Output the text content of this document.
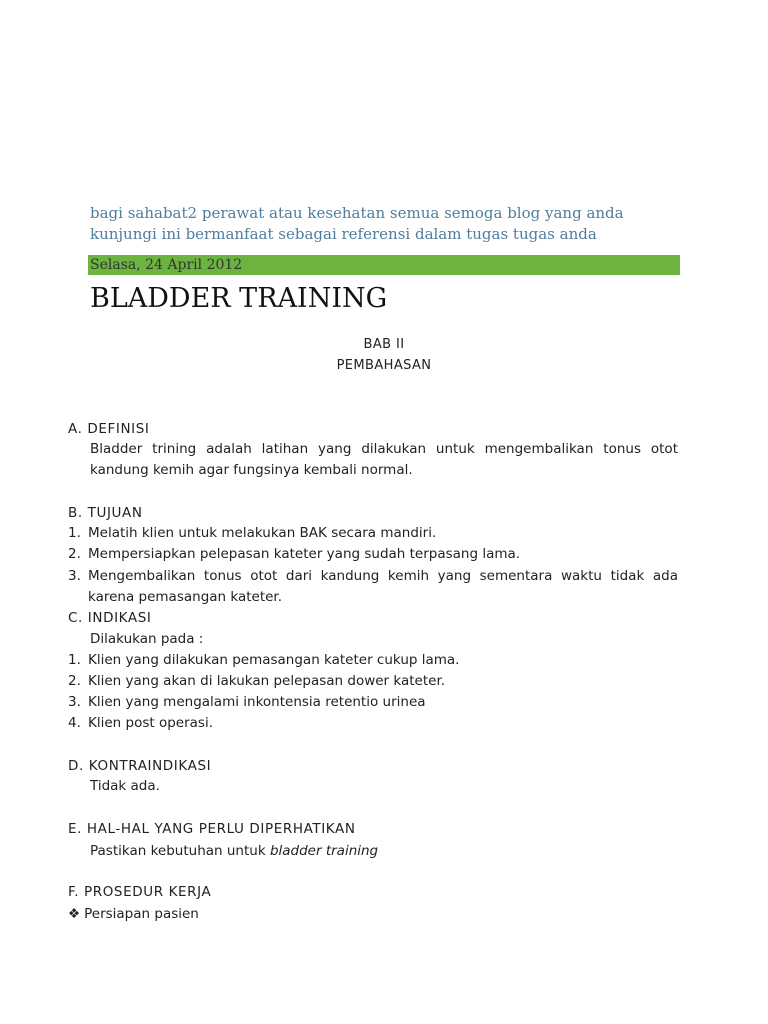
bagi sahabat2 perawat atau kesehatan semua semoga blog yang anda kunjungi ini bermanfaat sebagai referensi dalam tugas tugas anda
Selasa, 24 April 2012
BLADDER TRAINING
BAB II
PEMBAHASAN
A. DEFINISI
Bladder trining adalah latihan yang dilakukan untuk mengembalikan tonus otot kandung kemih agar fungsinya kembali normal.
B. TUJUAN
1. Melatih klien untuk melakukan BAK secara mandiri.
2. Mempersiapkan pelepasan kateter yang sudah terpasang lama.
3. Mengembalikan tonus otot dari kandung kemih yang sementara waktu tidak ada karena pemasangan kateter.
C. INDIKASI
Dilakukan pada :
1. Klien yang dilakukan pemasangan kateter cukup lama.
2. Klien yang akan di lakukan pelepasan dower kateter.
3. Klien yang mengalami inkontensia retentio urinea
4. Klien post operasi.
D. KONTRAINDIKASI
Tidak ada.
E. HAL-HAL YANG PERLU DIPERHATIKAN
Pastikan kebutuhan untuk bladder training
F. PROSEDUR KERJA
❖ Persiapan pasien
